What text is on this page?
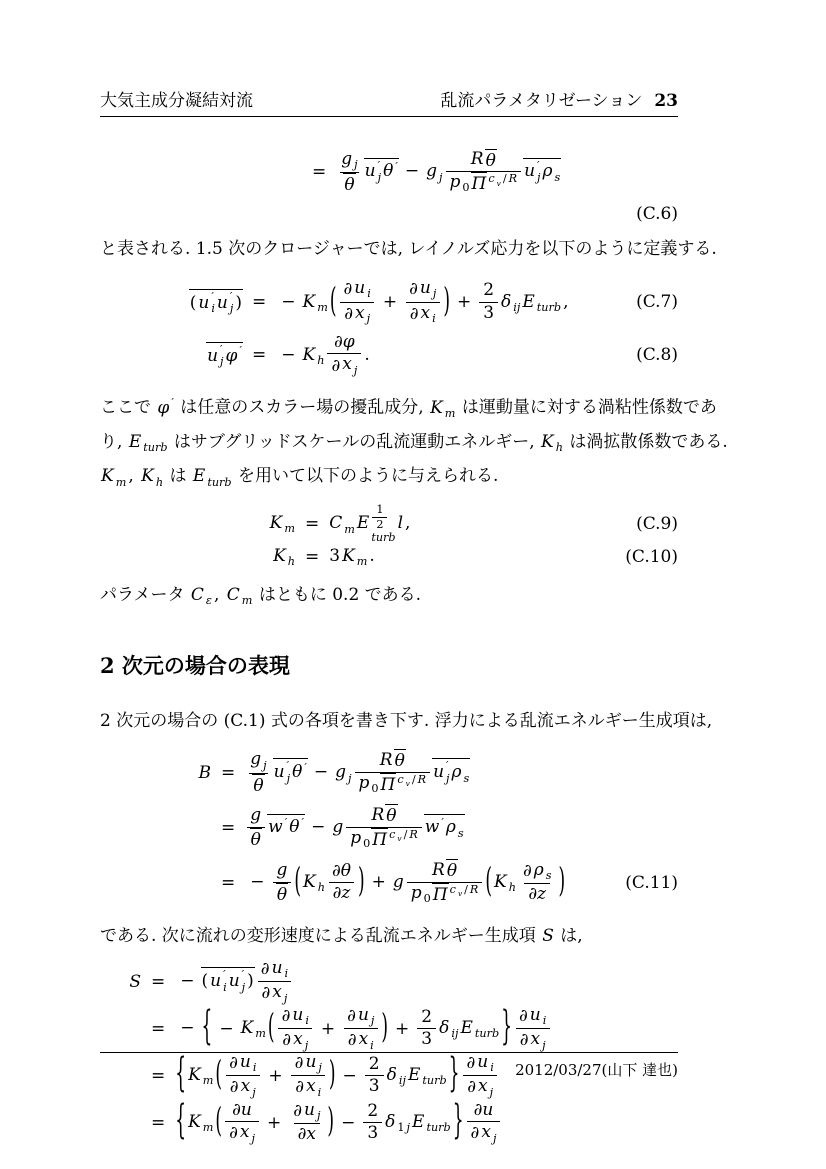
大気主成分凝結対流	乱流パラメタリゼーション 23
= $\frac{g _j}{\theta}$ u ′
j θ ′ − g $_j \frac{\text{R θ}}{p _0 \Pi ^{c _v / R}}$ u ′
j ρ $_s$
(C.6)
と表される. 1.5 次のクロージャーでは, レイノルズ応力を以下のように定義する.
( u ′
i u ′
j ) = − K $_m$ ( $\frac{\partial u _i}{\partial x _j} + \frac{\partial u _j}{\partial x _i}$ ) + $\frac{2}{3}$ δ $_{ij}$ E $_{turb}$ ,	(C.7)
u ′
j φ ′ = − K $_h \frac{\partial\varphi}{\partial x _j}$ .	(C.8)
ここで φ ′ は任意のスカラー場の擾乱成分, K $_m$ は運動量に対する渦粘性係数であ
り, E $_{turb}$ はサブグリッドスケールの乱流運動エネルギー, K $_h$ は渦拡散係数である.
K $_m$ , K $_h$ は E $_{turb}$ を用いて以下のように与えられる.
K $_m$ = C $_m$ E $\frac{1}{2}$
turb
l ,	(C.9)
K $_h$ = 3 K $_m$ .	(C.10)
パラメータ C $_\varepsilon$ , C $_m$ はともに 0.2 である.
2 次元の場合の表現
2 次元の場合の (C.1) 式の各項を書き下す. 浮力による乱流エネルギー生成項は,
$B = \frac{g _j}{\theta}$ u ′
j θ ′ − g $_j \frac{\text{R θ}}{p _0 \Pi ^{c _v / R}}$ u ′
j ρ $_s$
= $\frac{g}{\theta}$ w ′ θ ′ − g $\frac{\text{R θ}}{p _0 \Pi ^{c _v / R}}$ w ′ ρ $_s$
= − $\frac{g}{\theta}$ ( K $_h \frac{\partial\theta}{\partial z}$ ) + g $\frac{\text{R θ}}{p _0 \Pi ^{c _v / R}}$ ( K $_h \frac{\partial \rho _s}{\partial z}$ )	(C.11)
である. 次に流れの変形速度による乱流エネルギー生成項 S は,
S = − ( u ′
i u ′
j ) $\frac{\partial u _i}{\partial x _j}$
= − { − K $_m$ ( $\frac{\partial u _i}{\partial x _j} + \frac{\partial u _j}{\partial x _i}$ ) + $\frac{2}{3}$ δ $_{ij}$ E $_{turb}$ } $\frac{\partial u _i}{\partial x _j}$
= { K $_m$ ( $\frac{\partial u _i}{\partial x _j} + \frac{\partial u _j}{\partial x _i}$ ) − $\frac{2}{3}$ δ $_{ij}$ E $_{turb}$ } $\frac{\partial u _i}{\partial x _j}$
= { K $_m$ ( $\frac{\partial u}{\partial x _j} + \frac{\partial u _j}{\partial x}$ ) − $\frac{2}{3}$ δ $_{1 j}$ E $_{turb}$ } $\frac{\partial u}{\partial x _j}$
2012/03/27(山下 達也)
